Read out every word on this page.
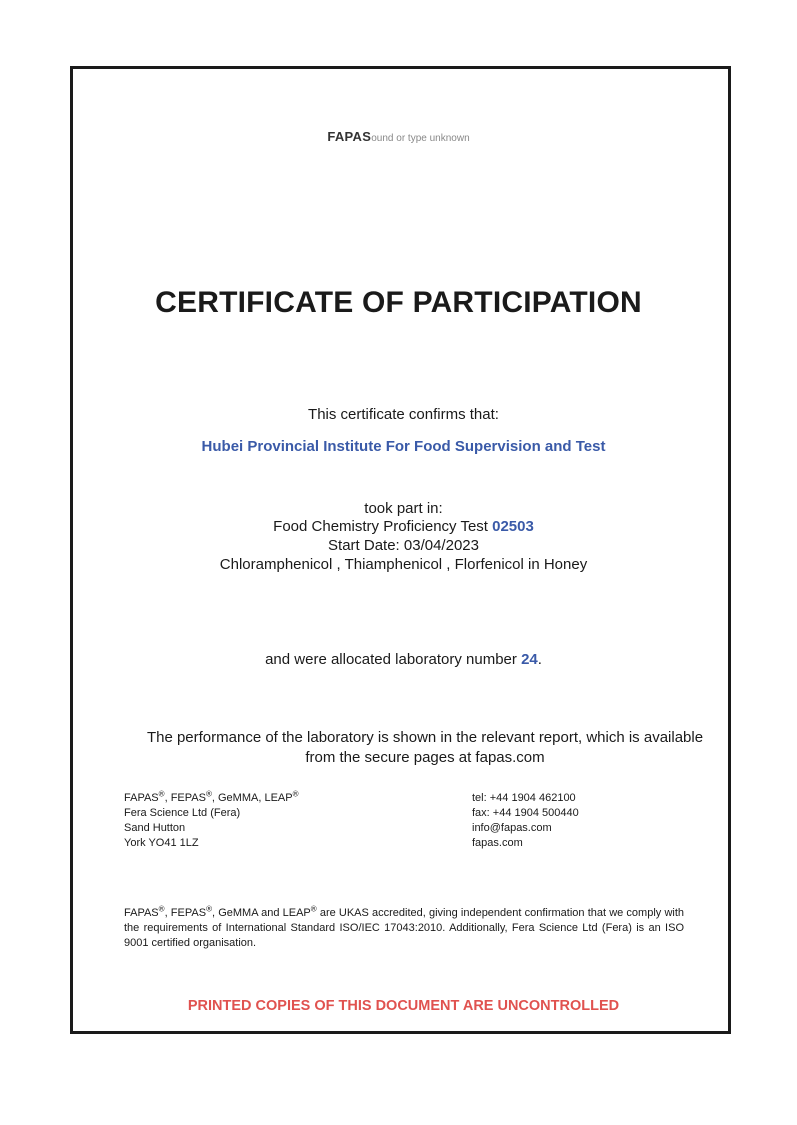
FAPASound or type unknown
CERTIFICATE OF PARTICIPATION
This certificate confirms that:
Hubei Provincial Institute For Food Supervision and Test
took part in:
Food Chemistry Proficiency Test 02503
Start Date: 03/04/2023
Chloramphenicol , Thiamphenicol , Florfenicol in Honey
and were allocated laboratory number 24.
The performance of the laboratory is shown in the relevant report, which is available
from the secure pages at fapas.com
FAPAS®, FEPAS®, GeMMA, LEAP®
Fera Science Ltd (Fera)
Sand Hutton
York YO41 1LZ
tel: +44 1904 462100
fax: +44 1904 500440
info@fapas.com
fapas.com
FAPAS®, FEPAS®, GeMMA and LEAP® are UKAS accredited, giving independent confirmation that we comply with the requirements of International Standard ISO/IEC 17043:2010. Additionally, Fera Science Ltd (Fera) is an ISO 9001 certified organisation.
PRINTED COPIES OF THIS DOCUMENT ARE UNCONTROLLED
